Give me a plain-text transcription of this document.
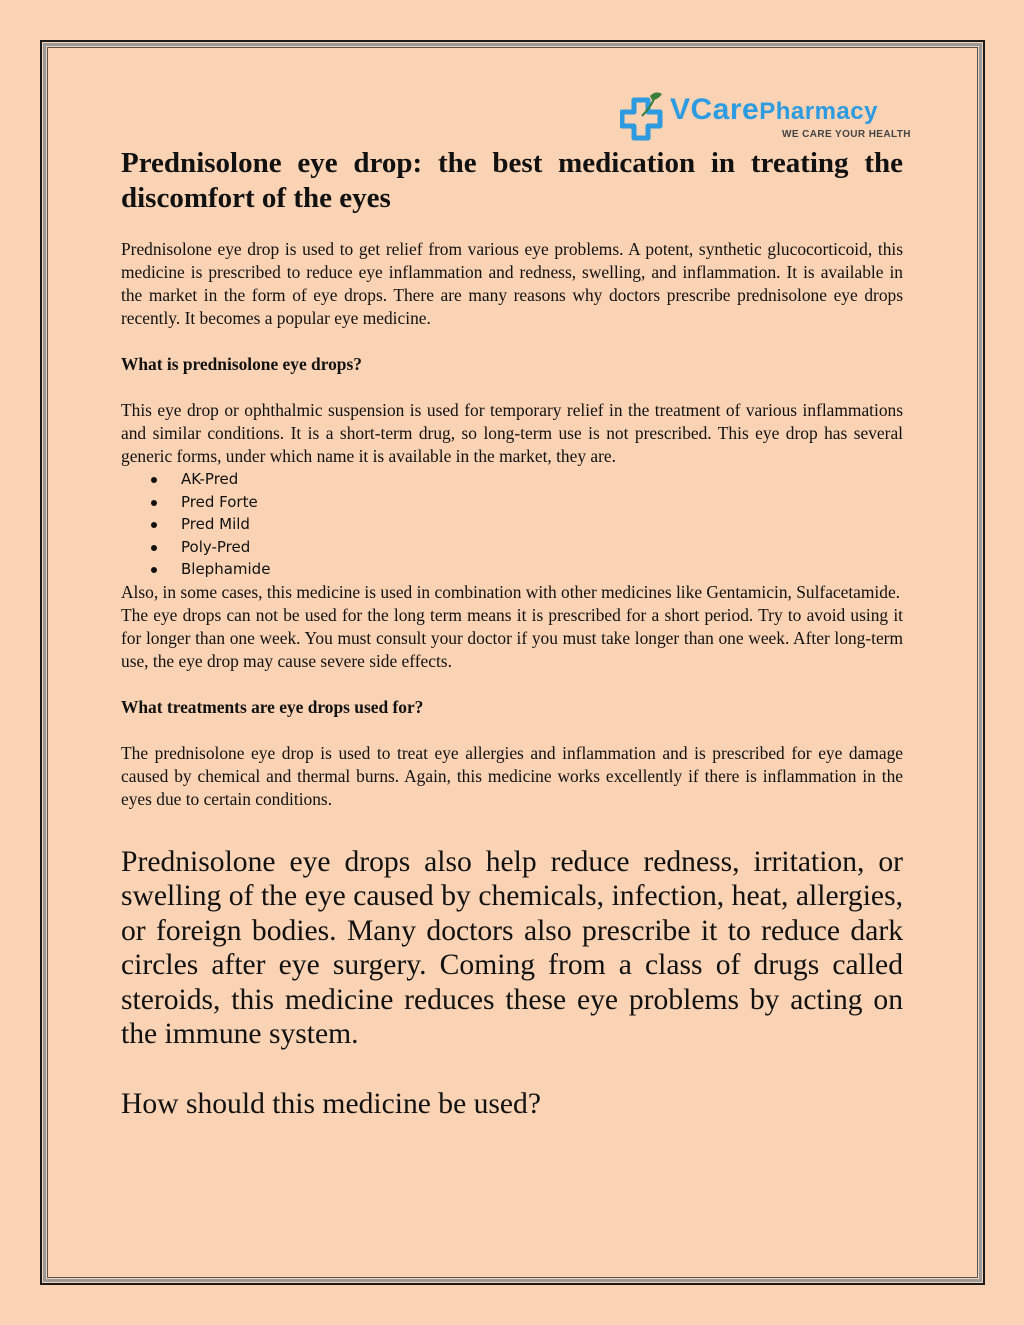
VCarePharmacy
WE CARE YOUR HEALTH
Prednisolone eye drop: the best medication in treating the discomfort of the eyes

Prednisolone eye drop is used to get relief from various eye problems. A potent, synthetic glucocorticoid, this medicine is prescribed to reduce eye inflammation and redness, swelling, and inflammation. It is available in the market in the form of eye drops. There are many reasons why doctors prescribe prednisolone eye drops recently. It becomes a popular eye medicine.

What is prednisolone eye drops?

This eye drop or ophthalmic suspension is used for temporary relief in the treatment of various inflammations and similar conditions. It is a short-term drug, so long-term use is not prescribed. This eye drop has several generic forms, under which name it is available in the market, they are.

AK-Pred
Pred Forte
Pred Mild
Poly-Pred
Blephamide

Also, in some cases, this medicine is used in combination with other medicines like Gentamicin, Sulfacetamide.

The eye drops can not be used for the long term means it is prescribed for a short period. Try to avoid using it for longer than one week. You must consult your doctor if you must take longer than one week. After long-term use, the eye drop may cause severe side effects.

What treatments are eye drops used for?

The prednisolone eye drop is used to treat eye allergies and inflammation and is prescribed for eye damage caused by chemical and thermal burns. Again, this medicine works excellently if there is inflammation in the eyes due to certain conditions.

Prednisolone eye drops also help reduce redness, irritation, or swelling of the eye caused by chemicals, infection, heat, allergies, or foreign bodies. Many doctors also prescribe it to reduce dark circles after eye surgery. Coming from a class of drugs called steroids, this medicine reduces these eye problems by acting on the immune system.

How should this medicine be used?
